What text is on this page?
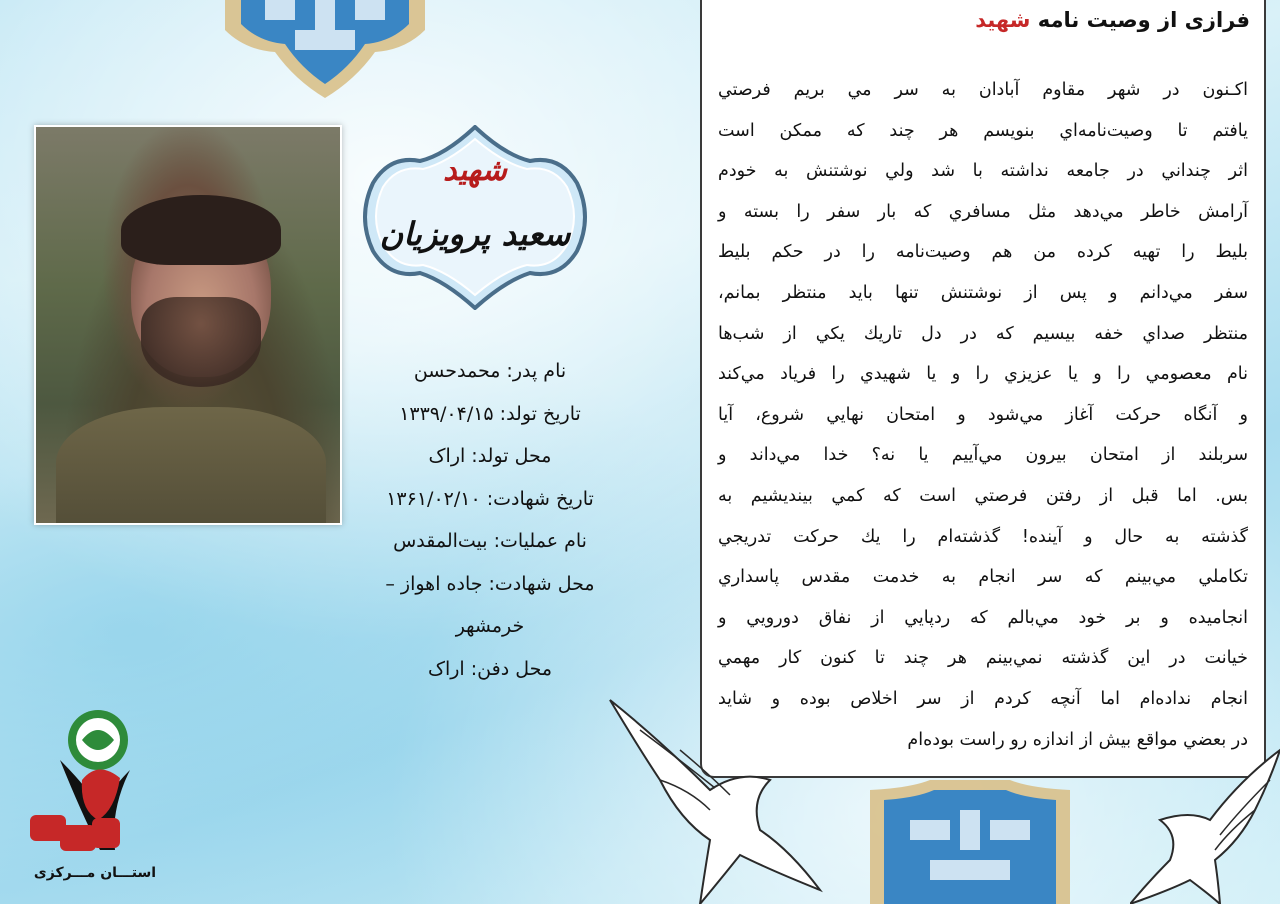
شهید
سعید پرویزیان
نام پدر: محمدحسن
تاریخ تولد: ۱۳۳۹/۰۴/۱۵
محل تولد: اراک
تاریخ شهادت: ۱۳۶۱/۰۲/۱۰
نام عملیات: بیت‌المقدس
محل شهادت: جاده اهواز –
خرمشهر
محل دفن: اراک
فرازی از وصیت نامه شهید
اکـنون در شهر مقاوم آبادان به سر مي بريم فرصتي
يافتم تا وصيت‌نامه‌اي بنويسم هر چند كه ممكن است
اثر چنداني در جامعه نداشته با شد ولي نوشتنش به خودم
آرامش خاطر مي‌دهد مثل مسافري كه بار سفر را بسته و
بليط را تهيه كرده من هم وصيت‌نامه را در حكم بليط
سفر مي‌دانم و پس از نوشتنش تنها بايد منتظر بمانم،
منتظر صداي خفه بيسيم كه در دل تاريك يكي از شب‌ها
نام معصومي را و يا عزيزي را و يا شهيدي را فرياد مي‌كند
و آنگاه حركت آغاز مي‌شود و امتحان نهايي شروع، آيا
سربلند از امتحان بيرون مي‌آييم يا نه؟ خدا مي‌داند و
بس. اما قبل از رفتن فرصتي است كه كمي بينديشيم به
گذشته به حال و آينده! گذشته‌ام را يك حركت تدريجي
تكاملي مي‌بينم كه سر انجام به خدمت مقدس پاسداري
انجاميده و بر خود مي‌بالم كه ردپايي از نفاق دورويي و
خيانت در اين گذشته نمي‌بينم هر چند تا كنون كار مهمي
انجام نداده‌ام اما آنچه كردم از سر اخلاص بوده و شايد
در بعضي مواقع بيش از اندازه رو راست بوده‌ام
استـــان مـــرکزی
